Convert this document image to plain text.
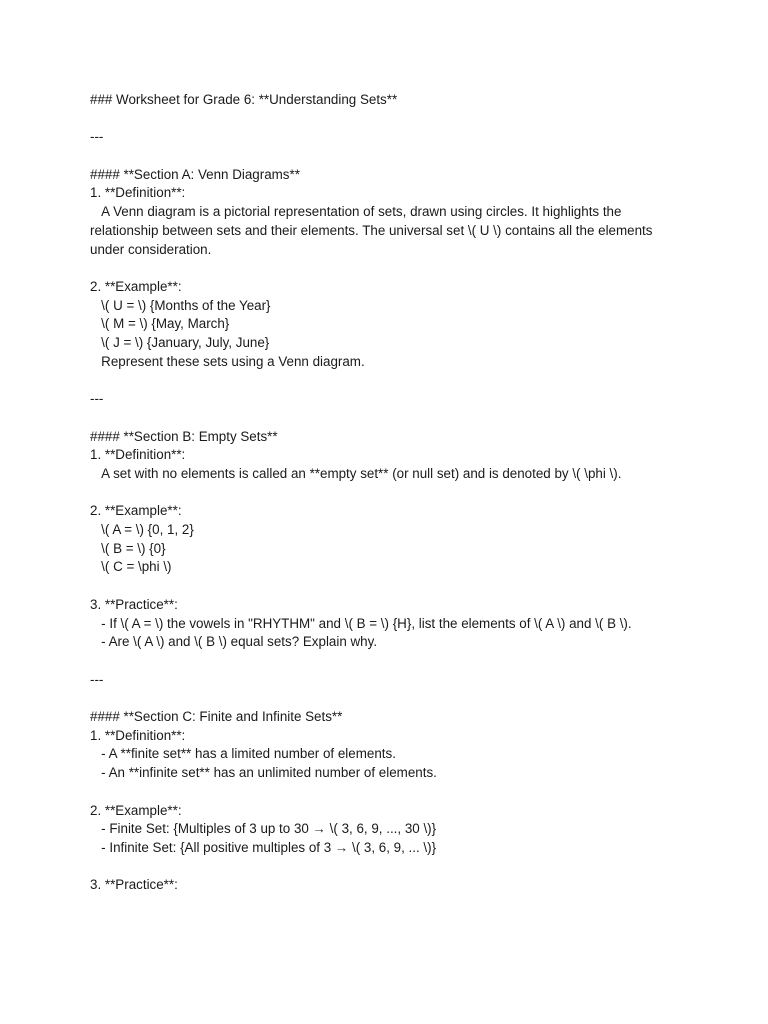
### Worksheet for Grade 6: **Understanding Sets**

---

#### **Section A: Venn Diagrams**

1. **Definition**:

A Venn diagram is a pictorial representation of sets, drawn using circles. It highlights the relationship between sets and their elements. The universal set \( U \) contains all the elements under consideration.

2. **Example**:

\( U = \) {Months of the Year}

\( M = \) {May, March}

\( J = \) {January, July, June}

Represent these sets using a Venn diagram.

---

#### **Section B: Empty Sets**

1. **Definition**:

A set with no elements is called an **empty set** (or null set) and is denoted by \( \phi \).

2. **Example**:

\( A = \) {0, 1, 2}

\( B = \) {0}

\( C = \phi \)

3. **Practice**:

- If \( A = \) the vowels in "RHYTHM" and \( B = \) {H}, list the elements of \( A \) and \( B \).

- Are \( A \) and \( B \) equal sets? Explain why.

---

#### **Section C: Finite and Infinite Sets**

1. **Definition**:

- A **finite set** has a limited number of elements.

- An **infinite set** has an unlimited number of elements.

2. **Example**:

- Finite Set: {Multiples of 3 up to 30 → \( 3, 6, 9, ..., 30 \)}

- Infinite Set: {All positive multiples of 3 → \( 3, 6, 9, ... \)}

3. **Practice**:
